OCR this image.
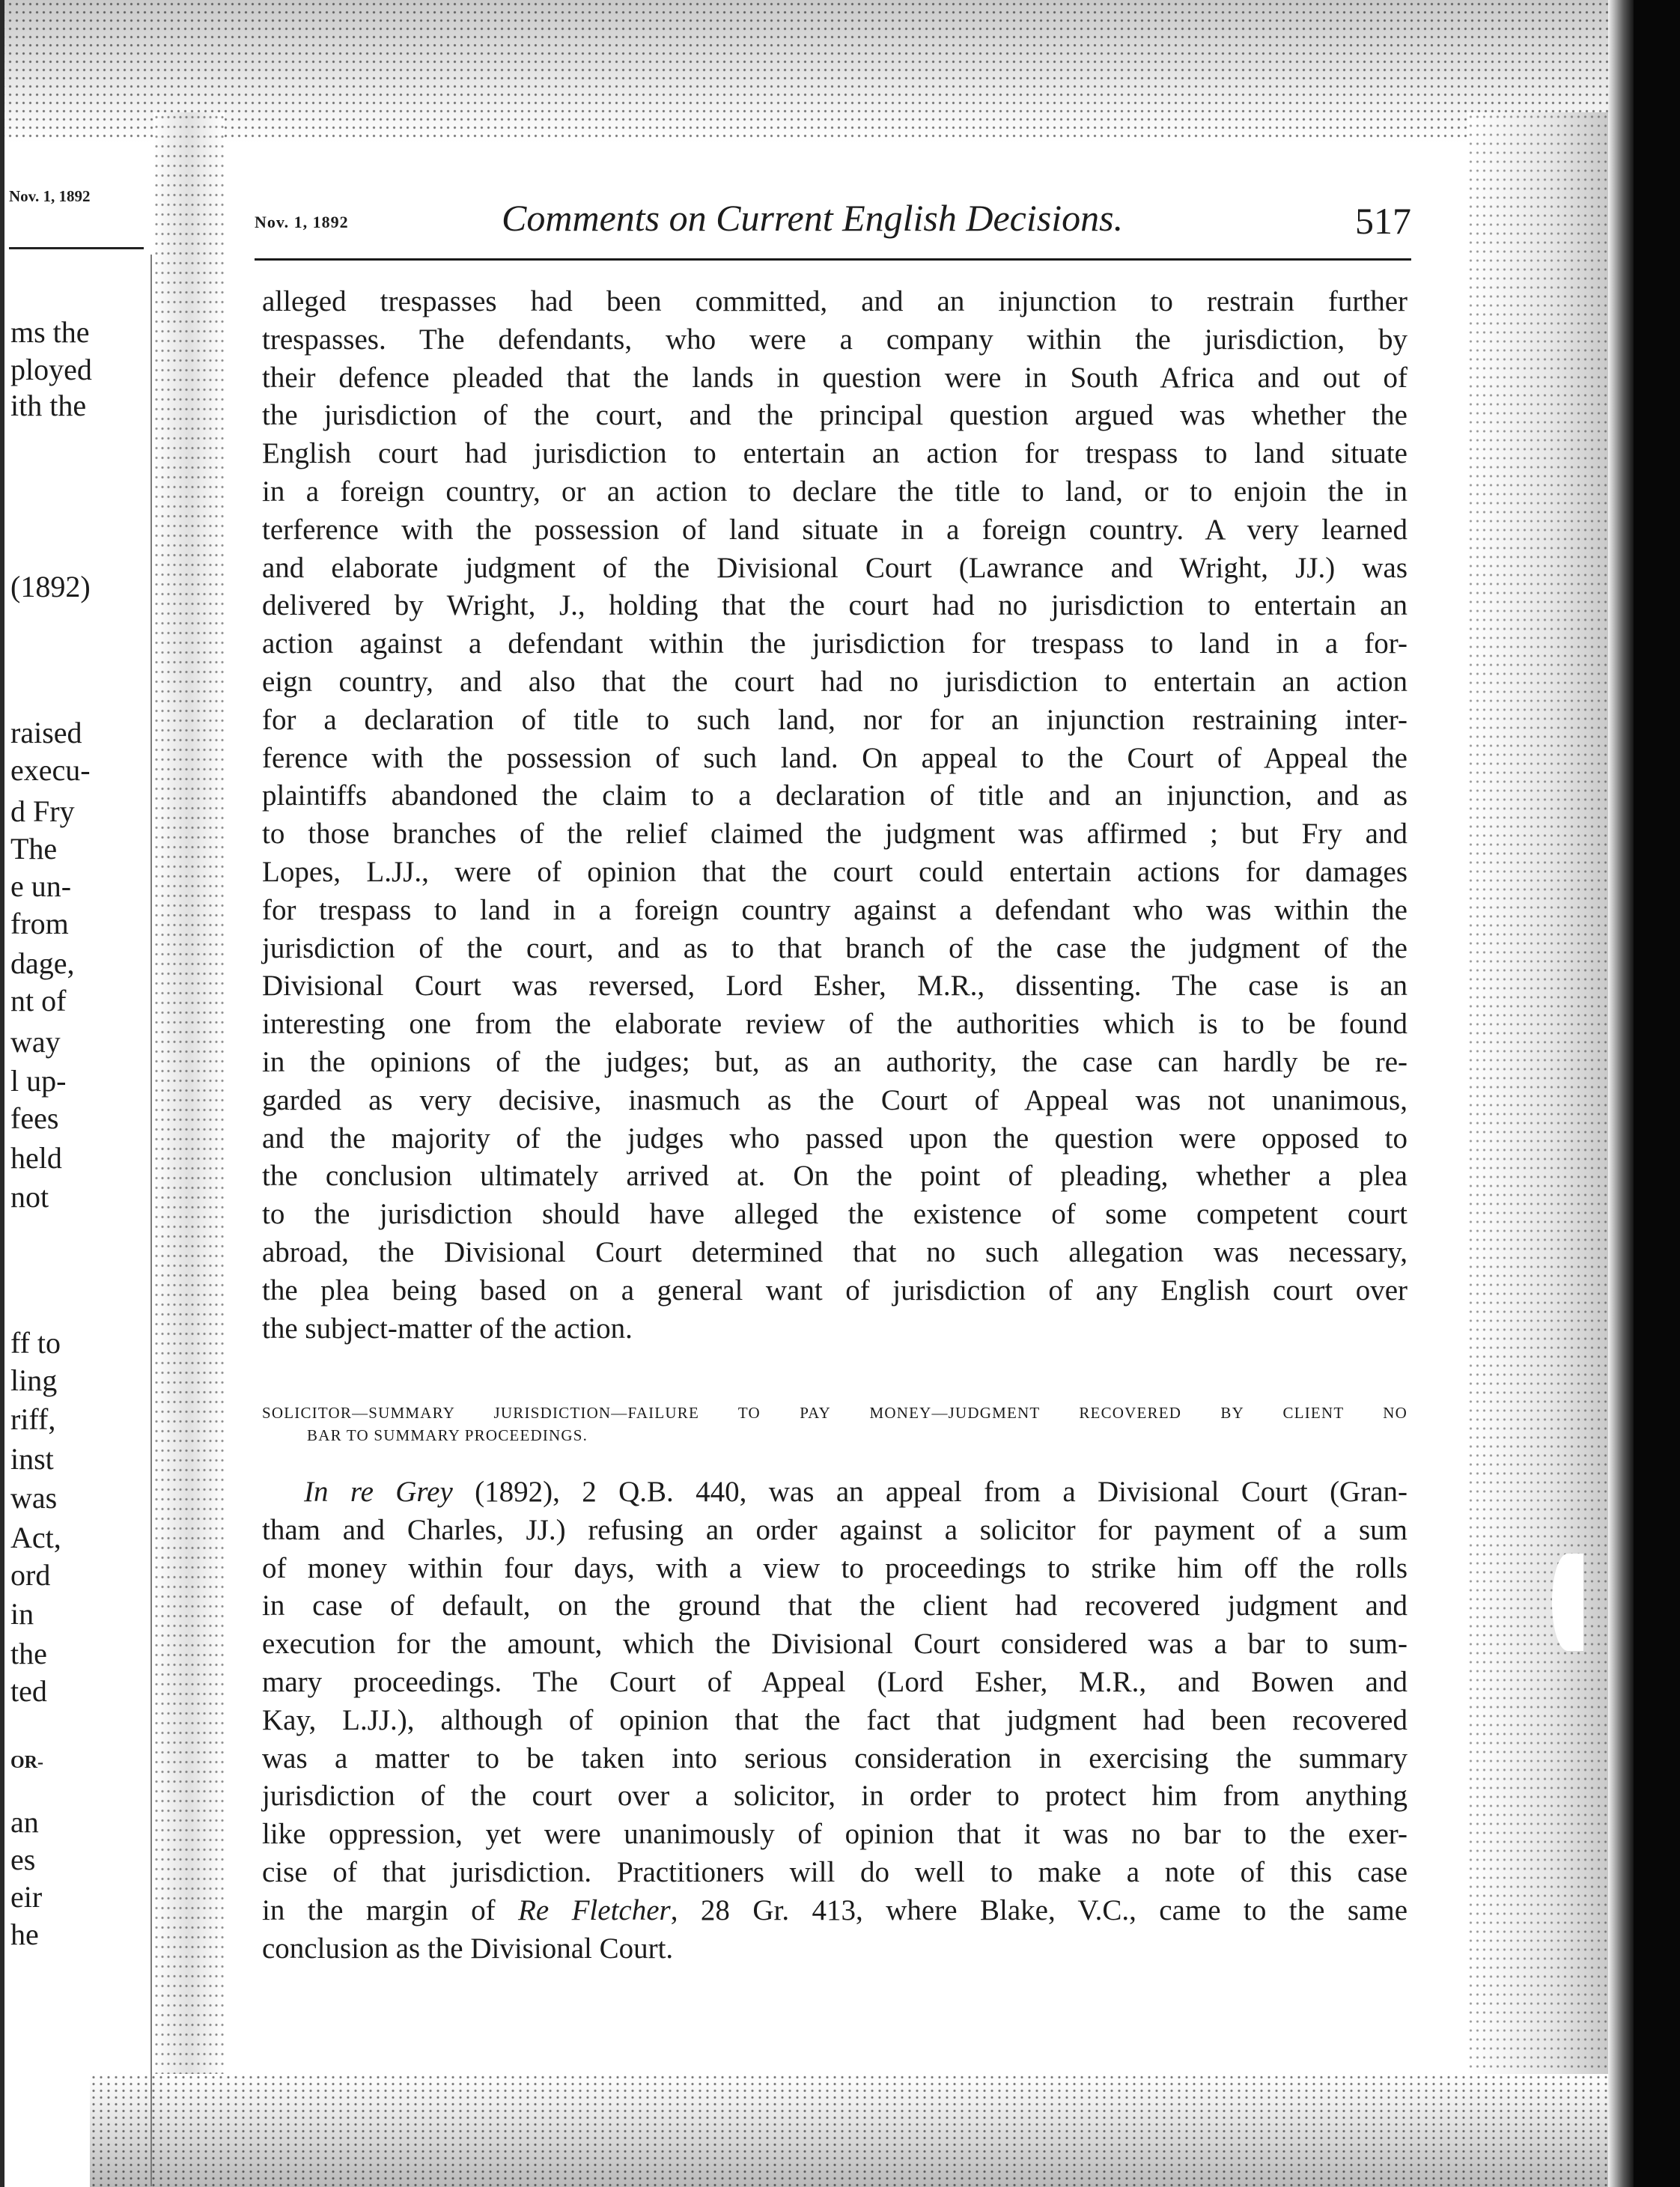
Nov. 1, 1892
ms the
ployed
ith the
(1892)
raised
execu-
d Fry
The
e un-
from
dage,
nt of
way
l up-
fees
held
not
ff to
ling
riff,
inst
was
Act,
ord
in
the
ted
OR-
an
es
eir
he
Nov. 1, 1892	Comments on Current English Decisions.	517
alleged trespasses had been committed, and an injunction to restrain further
trespasses. The defendants, who were a company within the jurisdiction, by
their defence pleaded that the lands in question were in South Africa and out of
the jurisdiction of the court, and the principal question argued was whether the
English court had jurisdiction to entertain an action for trespass to land situate
in a foreign country, or an action to declare the title to land, or to enjoin the in
terference with the possession of land situate in a foreign country. A very learned
and elaborate judgment of the Divisional Court (Lawrance and Wright, JJ.) was
delivered by Wright, J., holding that the court had no jurisdiction to entertain an
action against a defendant within the jurisdiction for trespass to land in a for-
eign country, and also that the court had no jurisdiction to entertain an action
for a declaration of title to such land, nor for an injunction restraining inter-
ference with the possession of such land. On appeal to the Court of Appeal the
plaintiffs abandoned the claim to a declaration of title and an injunction, and as
to those branches of the relief claimed the judgment was affirmed ; but Fry and
Lopes, L.JJ., were of opinion that the court could entertain actions for damages
for trespass to land in a foreign country against a defendant who was within the
jurisdiction of the court, and as to that branch of the case the judgment of the
Divisional Court was reversed, Lord Esher, M.R., dissenting. The case is an
interesting one from the elaborate review of the authorities which is to be found
in the opinions of the judges; but, as an authority, the case can hardly be re-
garded as very decisive, inasmuch as the Court of Appeal was not unanimous,
and the majority of the judges who passed upon the question were opposed to
the conclusion ultimately arrived at. On the point of pleading, whether a plea
to the jurisdiction should have alleged the existence of some competent court
abroad, the Divisional Court determined that no such allegation was necessary,
the plea being based on a general want of jurisdiction of any English court over
the subject-matter of the action.
SOLICITOR—SUMMARY JURISDICTION—FAILURE TO PAY MONEY—JUDGMENT RECOVERED BY CLIENT NO
BAR TO SUMMARY PROCEEDINGS.
In re Grey (1892), 2 Q.B. 440, was an appeal from a Divisional Court (Gran-
tham and Charles, JJ.) refusing an order against a solicitor for payment of a sum
of money within four days, with a view to proceedings to strike him off the rolls
in case of default, on the ground that the client had recovered judgment and
execution for the amount, which the Divisional Court considered was a bar to sum-
mary proceedings. The Court of Appeal (Lord Esher, M.R., and Bowen and
Kay, L.JJ.), although of opinion that the fact that judgment had been recovered
was a matter to be taken into serious consideration in exercising the summary
jurisdiction of the court over a solicitor, in order to protect him from anything
like oppression, yet were unanimously of opinion that it was no bar to the exer-
cise of that jurisdiction. Practitioners will do well to make a note of this case
in the margin of Re Fletcher, 28 Gr. 413, where Blake, V.C., came to the same
conclusion as the Divisional Court.
